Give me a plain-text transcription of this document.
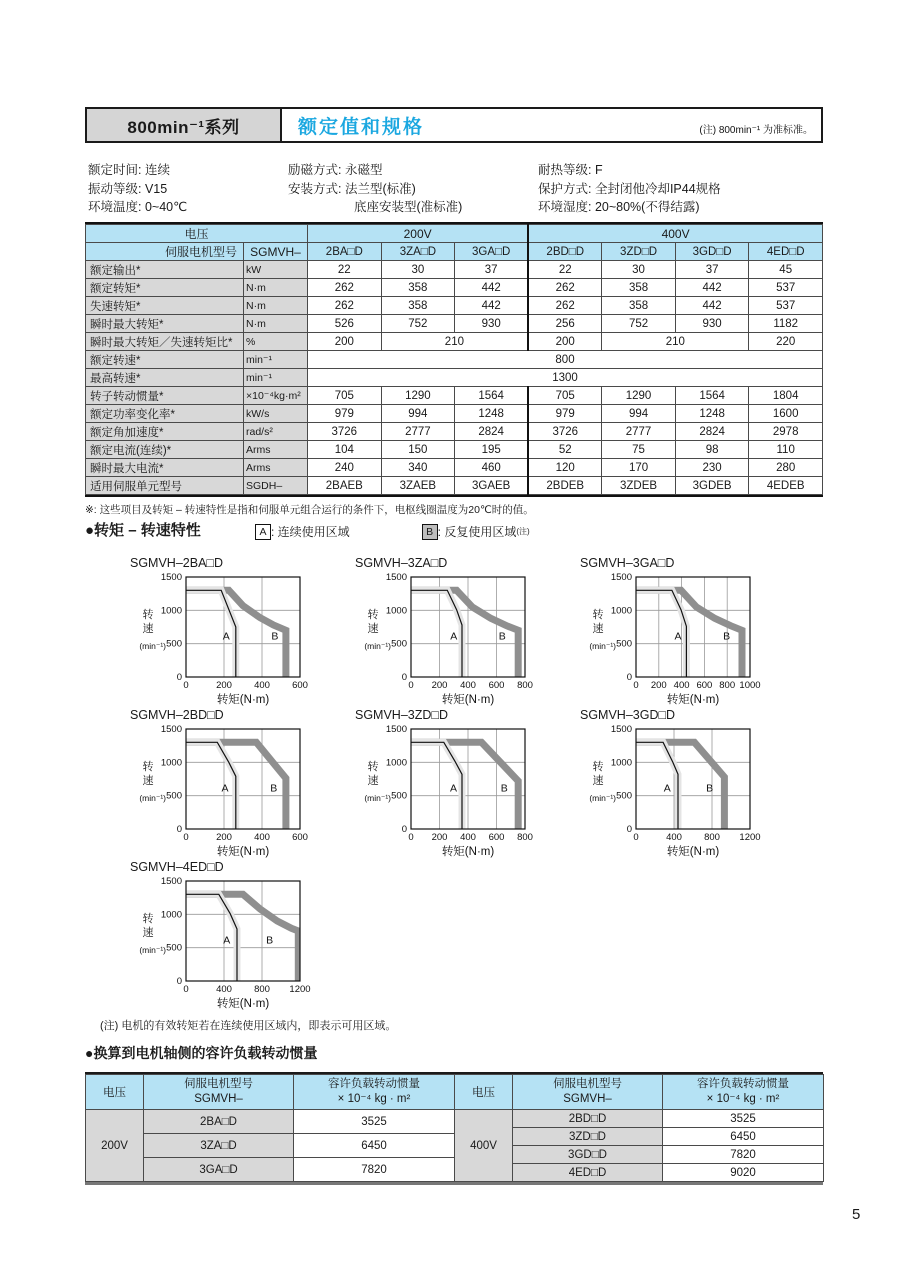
800min⁻¹系列	额定值和规格	(注) 800min⁻¹ 为准标准。
额定时间: 连续
振动等级: V15
环境温度: 0~40℃
励磁方式: 永磁型
安装方式: 法兰型(标准)
底座安装型(准标准)
耐热等级: F
保护方式: 全封闭他冷却IP44规格
环境湿度: 20~80%(不得结露)
电压		200V			400V			
伺服电机型号	SGMVH–	2BA□D	3ZA□D	3GA□D	2BD□D	3ZD□D	3GD□D	4ED□D
额定输出*	kW	22	30	37	22	30	37	45
额定转矩*	N·m	262	358	442	262	358	442	537
失速转矩*	N·m	262	358	442	262	358	442	537
瞬时最大转矩*	N·m	526	752	930	256	752	930	1182
瞬时最大转矩／失速转矩比*	%	200	210		200	210		220
额定转速*	min⁻¹	800						
最高转速*	min⁻¹	1300						
转子转动惯量*	×10⁻⁴kg·m²	705	1290	1564	705	1290	1564	1804
额定功率变化率*	kW/s	979	994	1248	979	994	1248	1600
额定角加速度*	rad/s²	3726	2777	2824	3726	2777	2824	2978
额定电流(连续)*	Arms	104	150	195	52	75	98	110
瞬时最大电流*	Arms	240	340	460	120	170	230	280
适用伺服单元型号	SGDH–	2BAEB	3ZAEB	3GAEB	2BDEB	3ZDEB	3GDEB	4EDEB
※: 这些项目及转矩 – 转速特性是指和伺服单元组合运行的条件下，电枢线圈温度为20℃时的值。
●转矩 – 转速特性	A : 连续使用区域	B : 反复使用区域 (注)
SGMVH–2BA□D
0
500
1000
1500
0	200 400 600
A	B
转
速
(min⁻¹)
转矩(N·m)
SGMVH–3ZA□D
0
500
1000
1500
0 200 400 600 800
A	B
转
速
(min⁻¹)
转矩(N·m)
SGMVH–3GA□D
0
500
1000
1500
0 200 400 600 800 1000
A	B
转
速
(min⁻¹)
转矩(N·m)
SGMVH–2BD□D
0
500
1000
1500
0	200 400 600
A	B
转
速
(min⁻¹)
转矩(N·m)
SGMVH–3ZD□D
0
500
1000
1500
0 200 400 600 800
A	B
转
速
(min⁻¹)
转矩(N·m)
SGMVH–3GD□D
0
500
1000
1500
0	400 800 1200
A	B
转
速
(min⁻¹)
转矩(N·m)
SGMVH–4ED□D
0
500
1000
1500
0	400 800 1200
A	B
转
速
(min⁻¹)
转矩(N·m)
(注) 电机的有效转矩若在连续使用区域内，即表示可用区域。
●换算到电机轴侧的容许负载转动惯量
电压	
伺服电机型号
SGMVH–

容许负载转动惯量
× 10⁻⁴ kg · m²

200V	2BA□D	3525
	3ZA□D	6450
	3GA□D	7820
电压	
伺服电机型号
SGMVH–

容许负载转动惯量
× 10⁻⁴ kg · m²

400V	2BD□D	3525
	3ZD□D	6450
	3GD□D	7820
	4ED□D	9020
5
